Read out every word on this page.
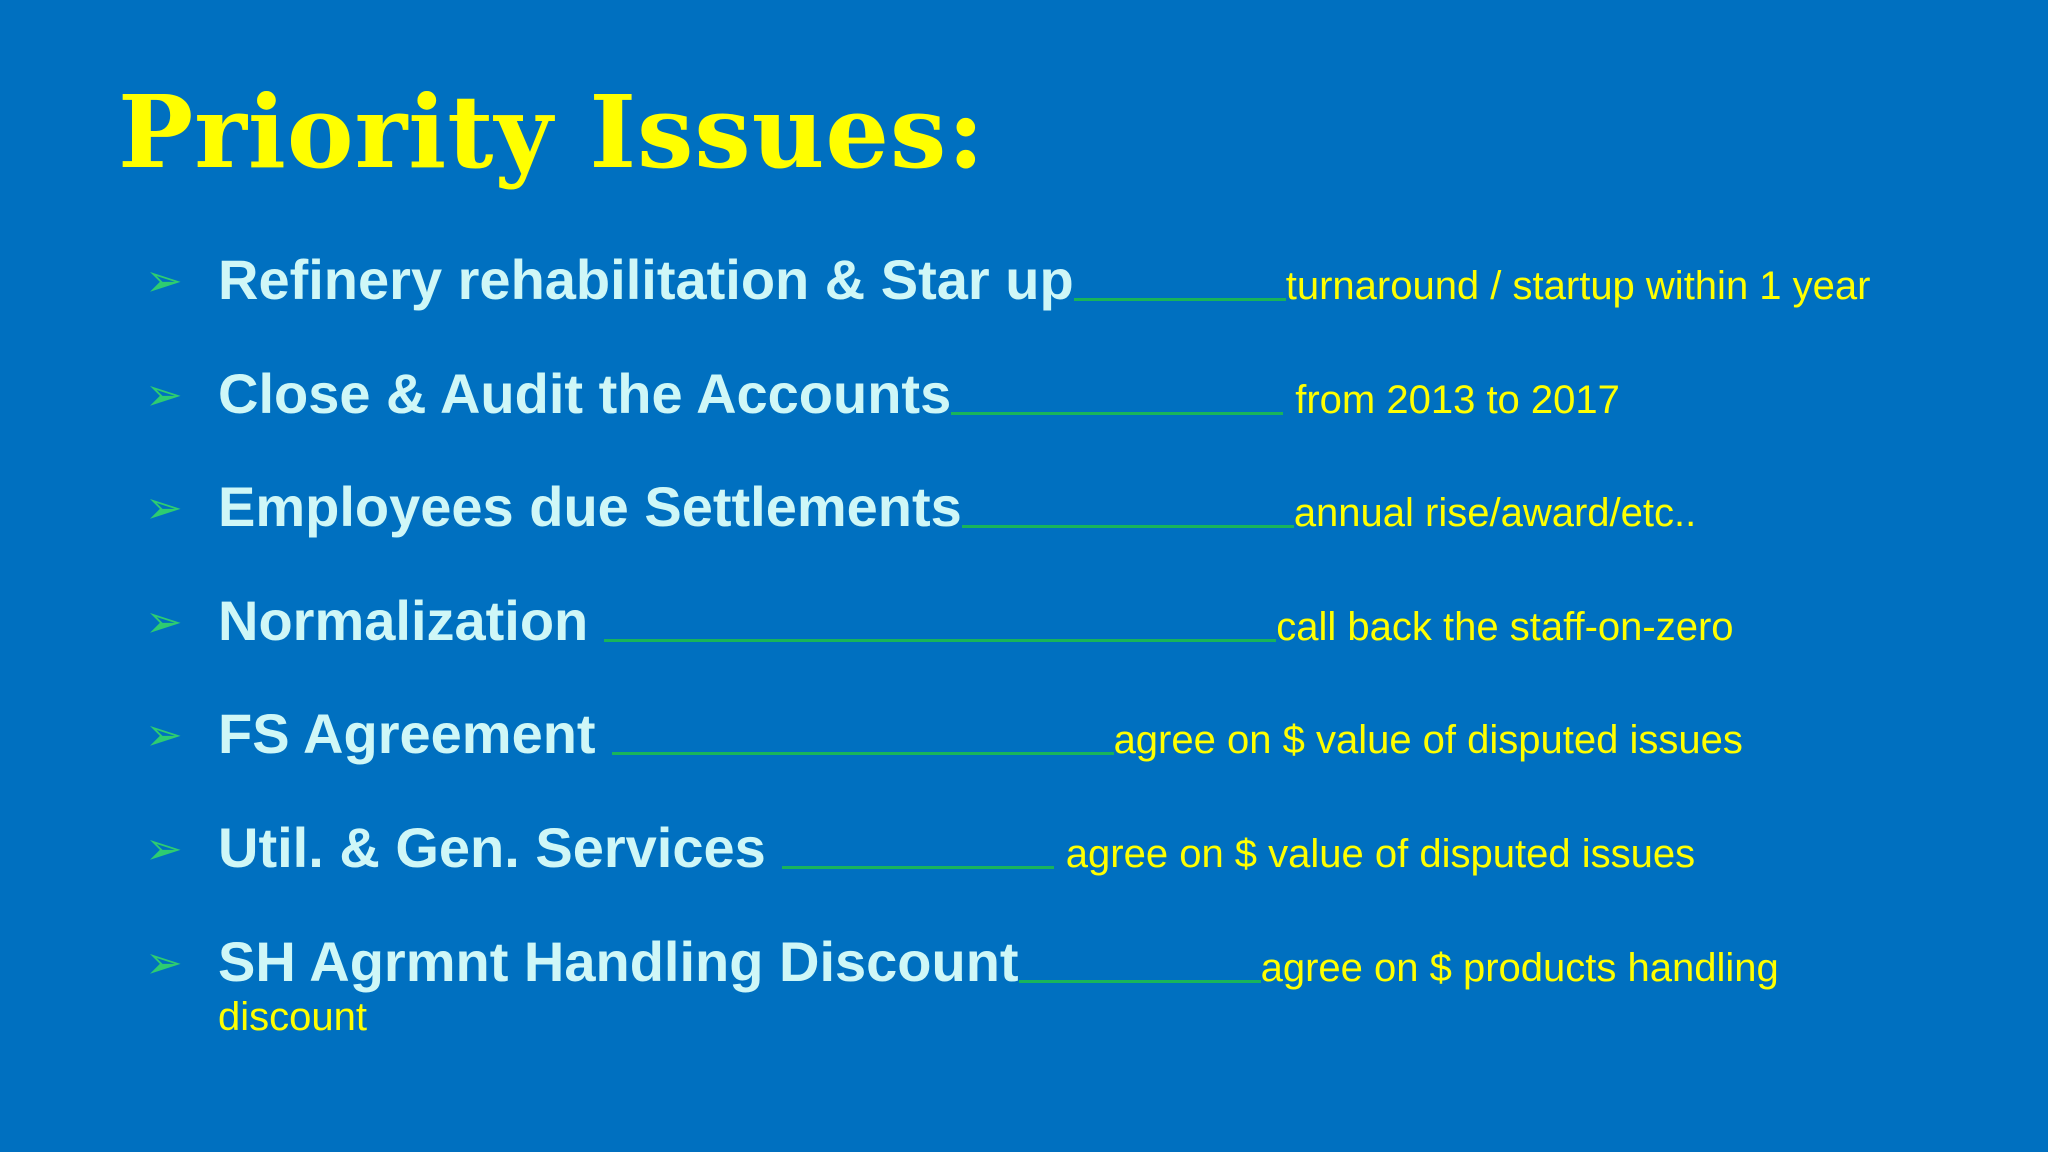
Priority Issues:
➢ Refinery rehabilitation & Star up	turnaround / startup within 1 year
➢ Close & Audit the Accounts	from 2013 to 2017
➢ Employees due Settlements	annual rise/award/etc..
➢ Normalization	call back the staff-on-zero
➢ FS Agreement	agree on $ value of disputed issues
➢ Util. & Gen. Services	agree on $ value of disputed issues
➢ SH Agrmnt Handling Discount	agree on $ products handling
discount
